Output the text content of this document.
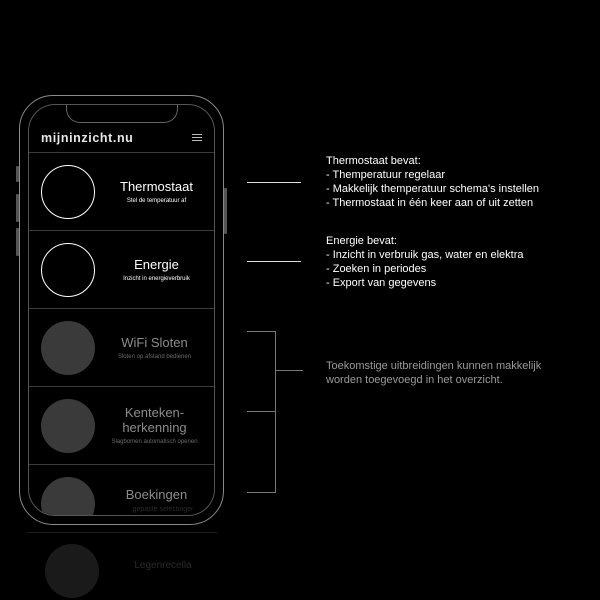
mijninzicht.nu
Thermostaat
Stel de temperatuur af
Energie
Inzicht in energieverbruik
WiFi Sloten
Sloten op afstand bedienen
Kenteken-herkenning
Slagbomen automatisch openen
Boekingen
gepaste selectinger
Legenrecella
Thermostaat bevat:
- Themperatuur regelaar
- Makkelijk themperatuur schema's instellen
- Thermostaat in één keer aan of uit zetten
Energie bevat:
- Inzicht in verbruik gas, water en elektra
- Zoeken in periodes
- Export van gegevens
Toekomstige uitbreidingen kunnen makkelijk worden toegevoegd in het overzicht.
